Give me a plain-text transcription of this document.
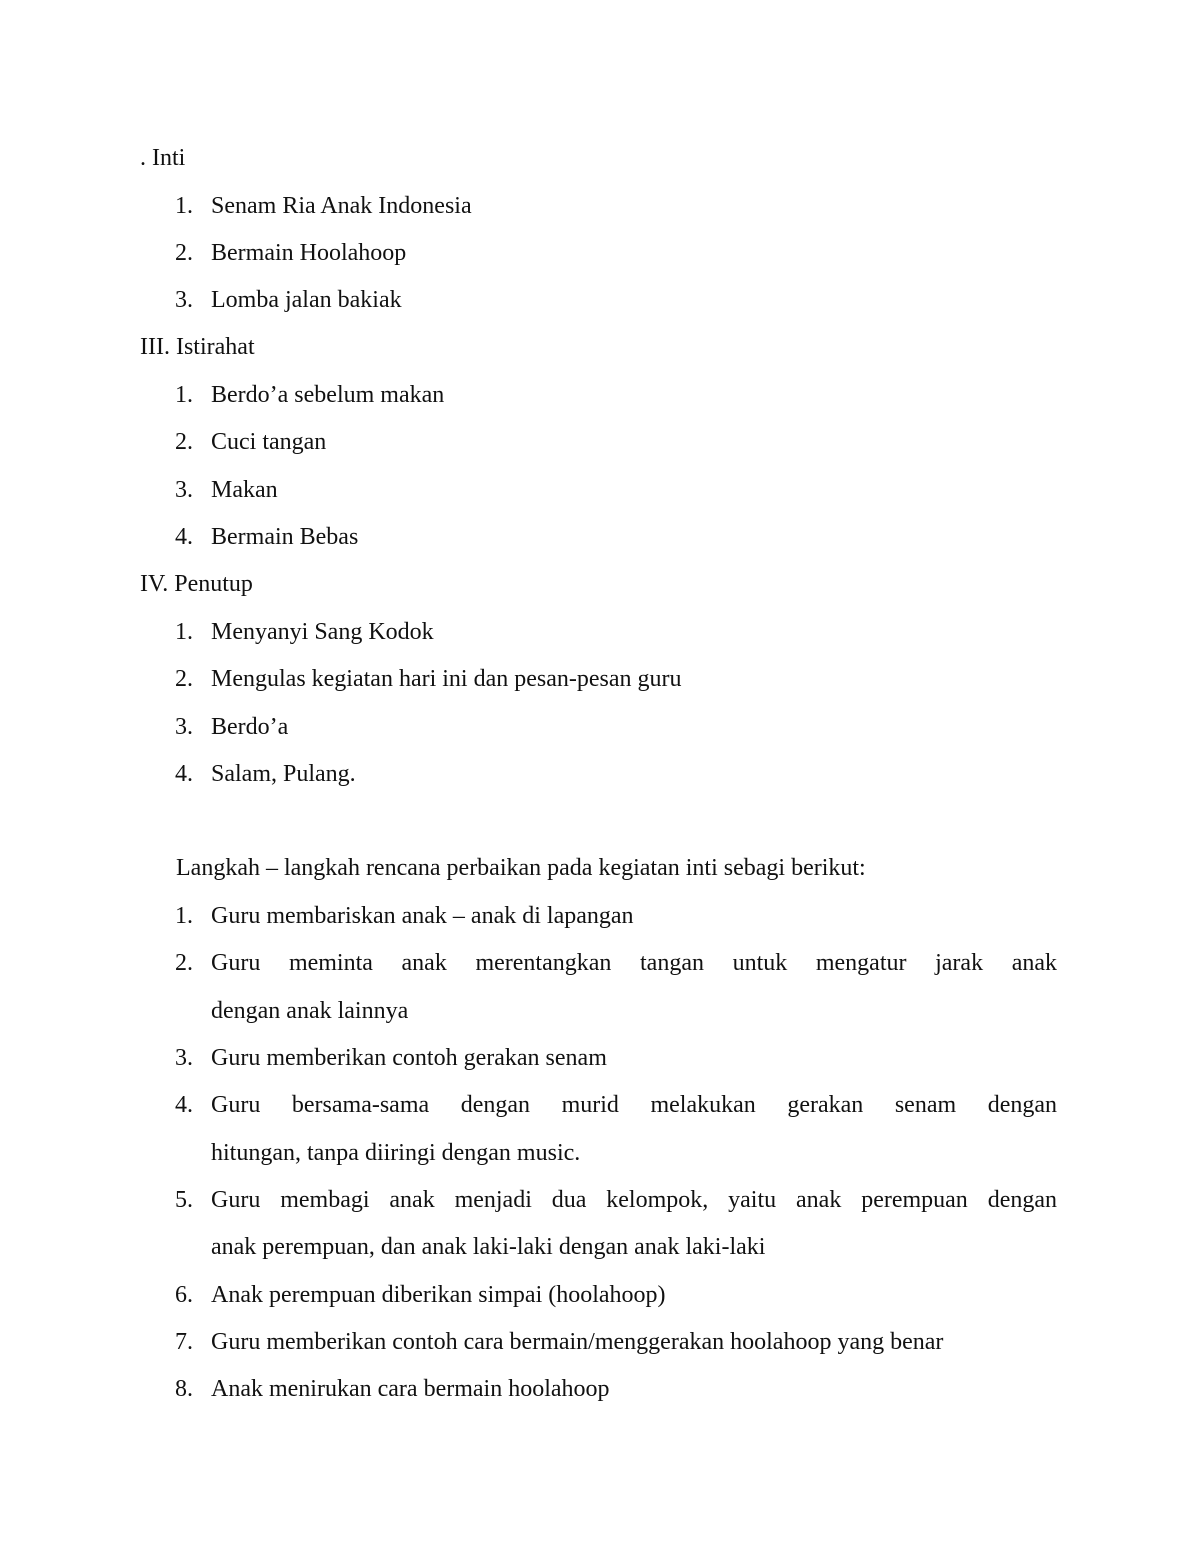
. Inti
1. Senam Ria Anak Indonesia
2. Bermain Hoolahoop
3. Lomba jalan bakiak
III. Istirahat
1. Berdo’a sebelum makan
2. Cuci tangan
3. Makan
4. Bermain Bebas
IV. Penutup
1. Menyanyi Sang Kodok
2. Mengulas kegiatan hari ini dan pesan-pesan guru
3. Berdo’a
4. Salam, Pulang.
Langkah – langkah rencana perbaikan pada kegiatan inti sebagi berikut:
1. Guru membariskan anak – anak di lapangan
2. Guru meminta anak merentangkan tangan untuk mengatur jarak anak
dengan anak lainnya
3. Guru memberikan contoh gerakan senam
4. Guru bersama-sama dengan murid melakukan gerakan senam dengan
hitungan, tanpa diiringi dengan music.
5. Guru membagi anak menjadi dua kelompok, yaitu anak perempuan dengan
anak perempuan, dan anak laki-laki dengan anak laki-laki
6. Anak perempuan diberikan simpai (hoolahoop)
7. Guru memberikan contoh cara bermain/menggerakan hoolahoop yang benar
8. Anak menirukan cara bermain hoolahoop
